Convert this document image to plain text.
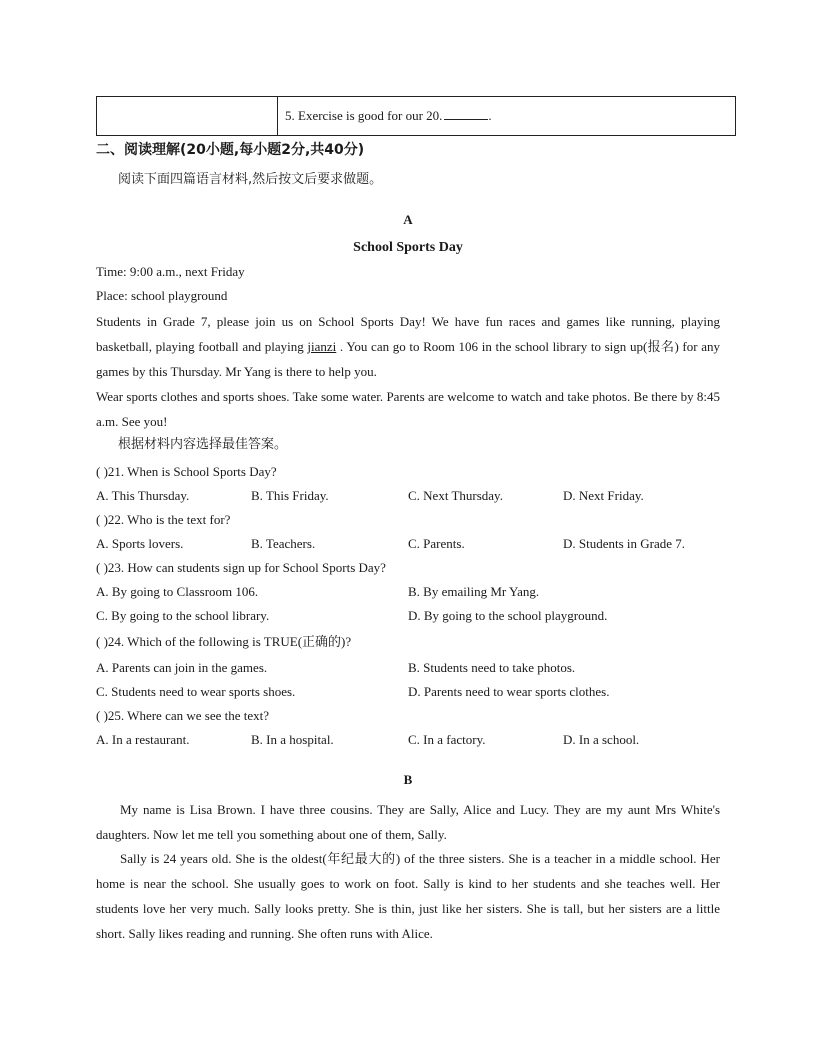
5. Exercise is good for our 20.	.
二、阅读理解(20小题,每小题2分,共40分)
阅读下面四篇语言材料,然后按文后要求做题。
A
School Sports Day
Time: 9:00 a.m., next Friday
Place: school playground
Students in Grade 7, please join us on School Sports Day! We have fun races and games like running, playing basketball, playing football and playing jianzi . You can go to Room 106 in the school library to sign up(报名) for any games by this Thursday. Mr Yang is there to help you.
Wear sports clothes and sports shoes. Take some water. Parents are welcome to watch and take photos. Be there by 8:45 a.m. See you!
根据材料内容选择最佳答案。
( )21. When is School Sports Day?
A. This Thursday.	B. This Friday.	C. Next Thursday.	D. Next Friday.
( )22. Who is the text for?
A. Sports lovers.	B. Teachers.	C. Parents.	D. Students in Grade 7.
( )23. How can students sign up for School Sports Day?
A. By going to Classroom 106.	B. By emailing Mr Yang.
C. By going to the school library.	D. By going to the school playground.
( )24. Which of the following is TRUE(正确的)?
A. Parents can join in the games.	B. Students need to take photos.
C. Students need to wear sports shoes.	D. Parents need to wear sports clothes.
( )25. Where can we see the text?
A. In a restaurant.	B. In a hospital.	C. In a factory.	D. In a school.
B
My name is Lisa Brown. I have three cousins. They are Sally, Alice and Lucy. They are my aunt Mrs White's daughters. Now let me tell you something about one of them, Sally.
Sally is 24 years old. She is the oldest(年纪最大的) of the three sisters. She is a teacher in a middle school. Her home is near the school. She usually goes to work on foot. Sally is kind to her students and she teaches well. Her students love her very much. Sally looks pretty. She is thin, just like her sisters. She is tall, but her sisters are a little short. Sally likes reading and running. She often runs with Alice.
